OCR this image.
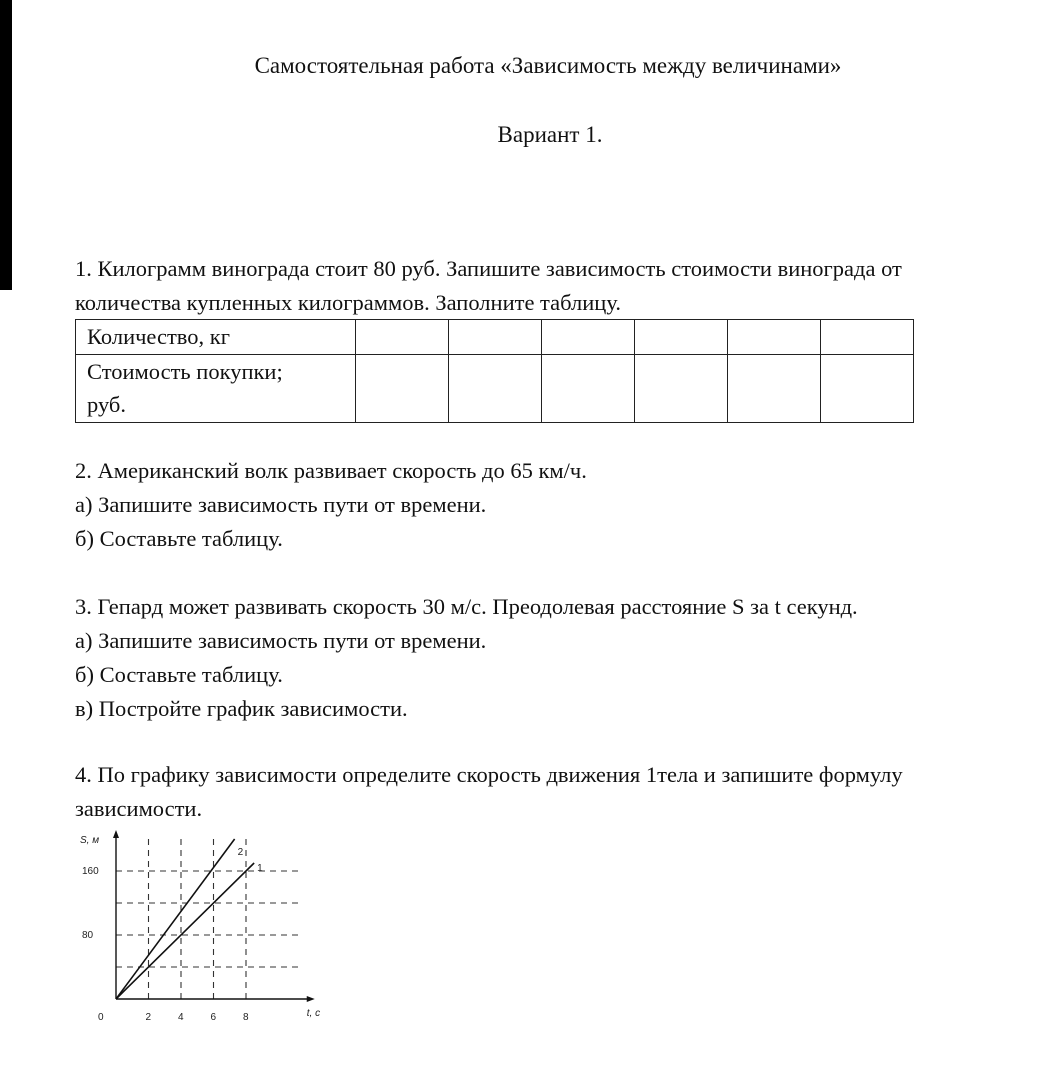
Самостоятельная работа «Зависимость между величинами»
Вариант 1.
1. Килограмм винограда стоит 80 руб. Запишите зависимость стоимости винограда от
количества купленных килограммов. Заполните таблицу.
Количество, кг						

Стоимость покупки;
руб.						

2. Американский волк развивает скорость до 65 км/ч.
а) Запишите зависимость пути от времени.
б) Составьте таблицу.
3. Гепард может развивать скорость 30 м/с. Преодолевая расстояние S за t секунд.
а) Запишите зависимость пути от времени.
б) Составьте таблицу.
в) Постройте график зависимости.
4. По графику зависимости определите скорость движения 1тела и запишите формулу
зависимости.
1
2
2	4	6	8
80
160
0
S, м
t, c
